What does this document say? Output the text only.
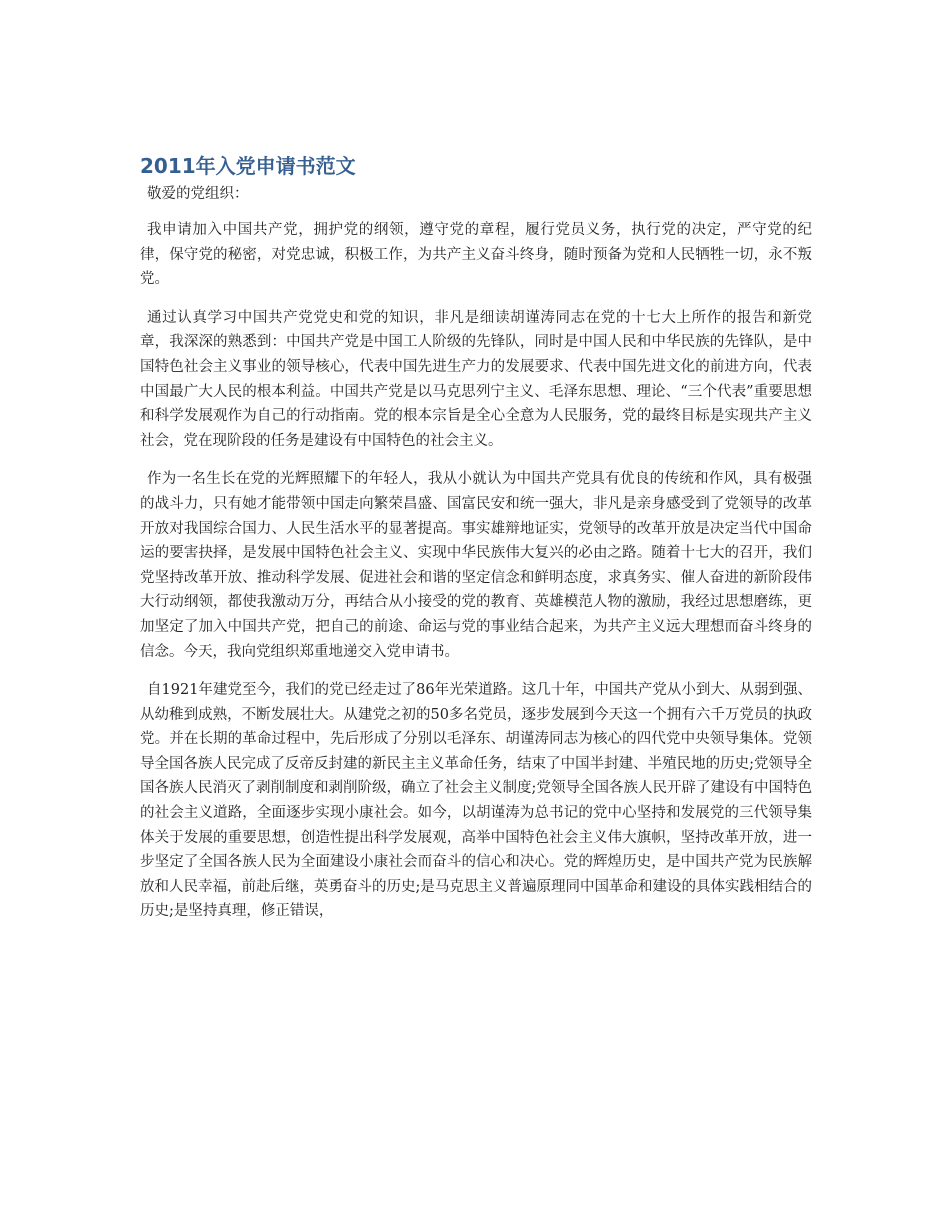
2011年入党申请书范文

敬爱的党组织：

我申请加入中国共产党，拥护党的纲领，遵守党的章程，履行党员义务，执行党的决定，严守党的纪律，保守党的秘密，对党忠诚，积极工作，为共产主义奋斗终身，随时预备为党和人民牺牲一切，永不叛党。

通过认真学习中国共产党党史和党的知识，非凡是细读胡谨涛同志在党的十七大上所作的报告和新党章，我深深的熟悉到：中国共产党是中国工人阶级的先锋队，同时是中国人民和中华民族的先锋队，是中国特色社会主义事业的领导核心，代表中国先进生产力的发展要求、代表中国先进文化的前进方向，代表中国最广大人民的根本利益。中国共产党是以马克思列宁主义、毛泽东思想、理论、“三个代表”重要思想和科学发展观作为自己的行动指南。党的根本宗旨是全心全意为人民服务，党的最终目标是实现共产主义社会，党在现阶段的任务是建设有中国特色的社会主义。

作为一名生长在党的光辉照耀下的年轻人，我从小就认为中国共产党具有优良的传统和作风，具有极强的战斗力，只有她才能带领中国走向繁荣昌盛、国富民安和统一强大，非凡是亲身感受到了党领导的改革开放对我国综合国力、人民生活水平的显著提高。事实雄辩地证实，党领导的改革开放是决定当代中国命运的要害抉择，是发展中国特色社会主义、实现中华民族伟大复兴的必由之路。随着十七大的召开，我们党坚持改革开放、推动科学发展、促进社会和谐的坚定信念和鲜明态度，求真务实、催人奋进的新阶段伟大行动纲领，都使我激动万分，再结合从小接受的党的教育、英雄模范人物的激励，我经过思想磨练，更加坚定了加入中国共产党，把自己的前途、命运与党的事业结合起来，为共产主义远大理想而奋斗终身的信念。今天，我向党组织郑重地递交入党申请书。

自1921年建党至今，我们的党已经走过了86年光荣道路。这几十年，中国共产党从小到大、从弱到强、从幼稚到成熟，不断发展壮大。从建党之初的50多名党员，逐步发展到今天这一个拥有六千万党员的执政党。并在长期的革命过程中，先后形成了分别以毛泽东、胡谨涛同志为核心的四代党中央领导集体。党领导全国各族人民完成了反帝反封建的新民主主义革命任务，结束了中国半封建、半殖民地的历史;党领导全国各族人民消灭了剥削制度和剥削阶级，确立了社会主义制度;党领导全国各族人民开辟了建设有中国特色的社会主义道路，全面逐步实现小康社会。如今，以胡谨涛为总书记的党中心坚持和发展党的三代领导集体关于发展的重要思想，创造性提出科学发展观，高举中国特色社会主义伟大旗帜，坚持改革开放，进一步坚定了全国各族人民为全面建设小康社会而奋斗的信心和决心。党的辉煌历史，是中国共产党为民族解放和人民幸福，前赴后继，英勇奋斗的历史;是马克思主义普遍原理同中国革命和建设的具体实践相结合的历史;是坚持真理，修正错误，
